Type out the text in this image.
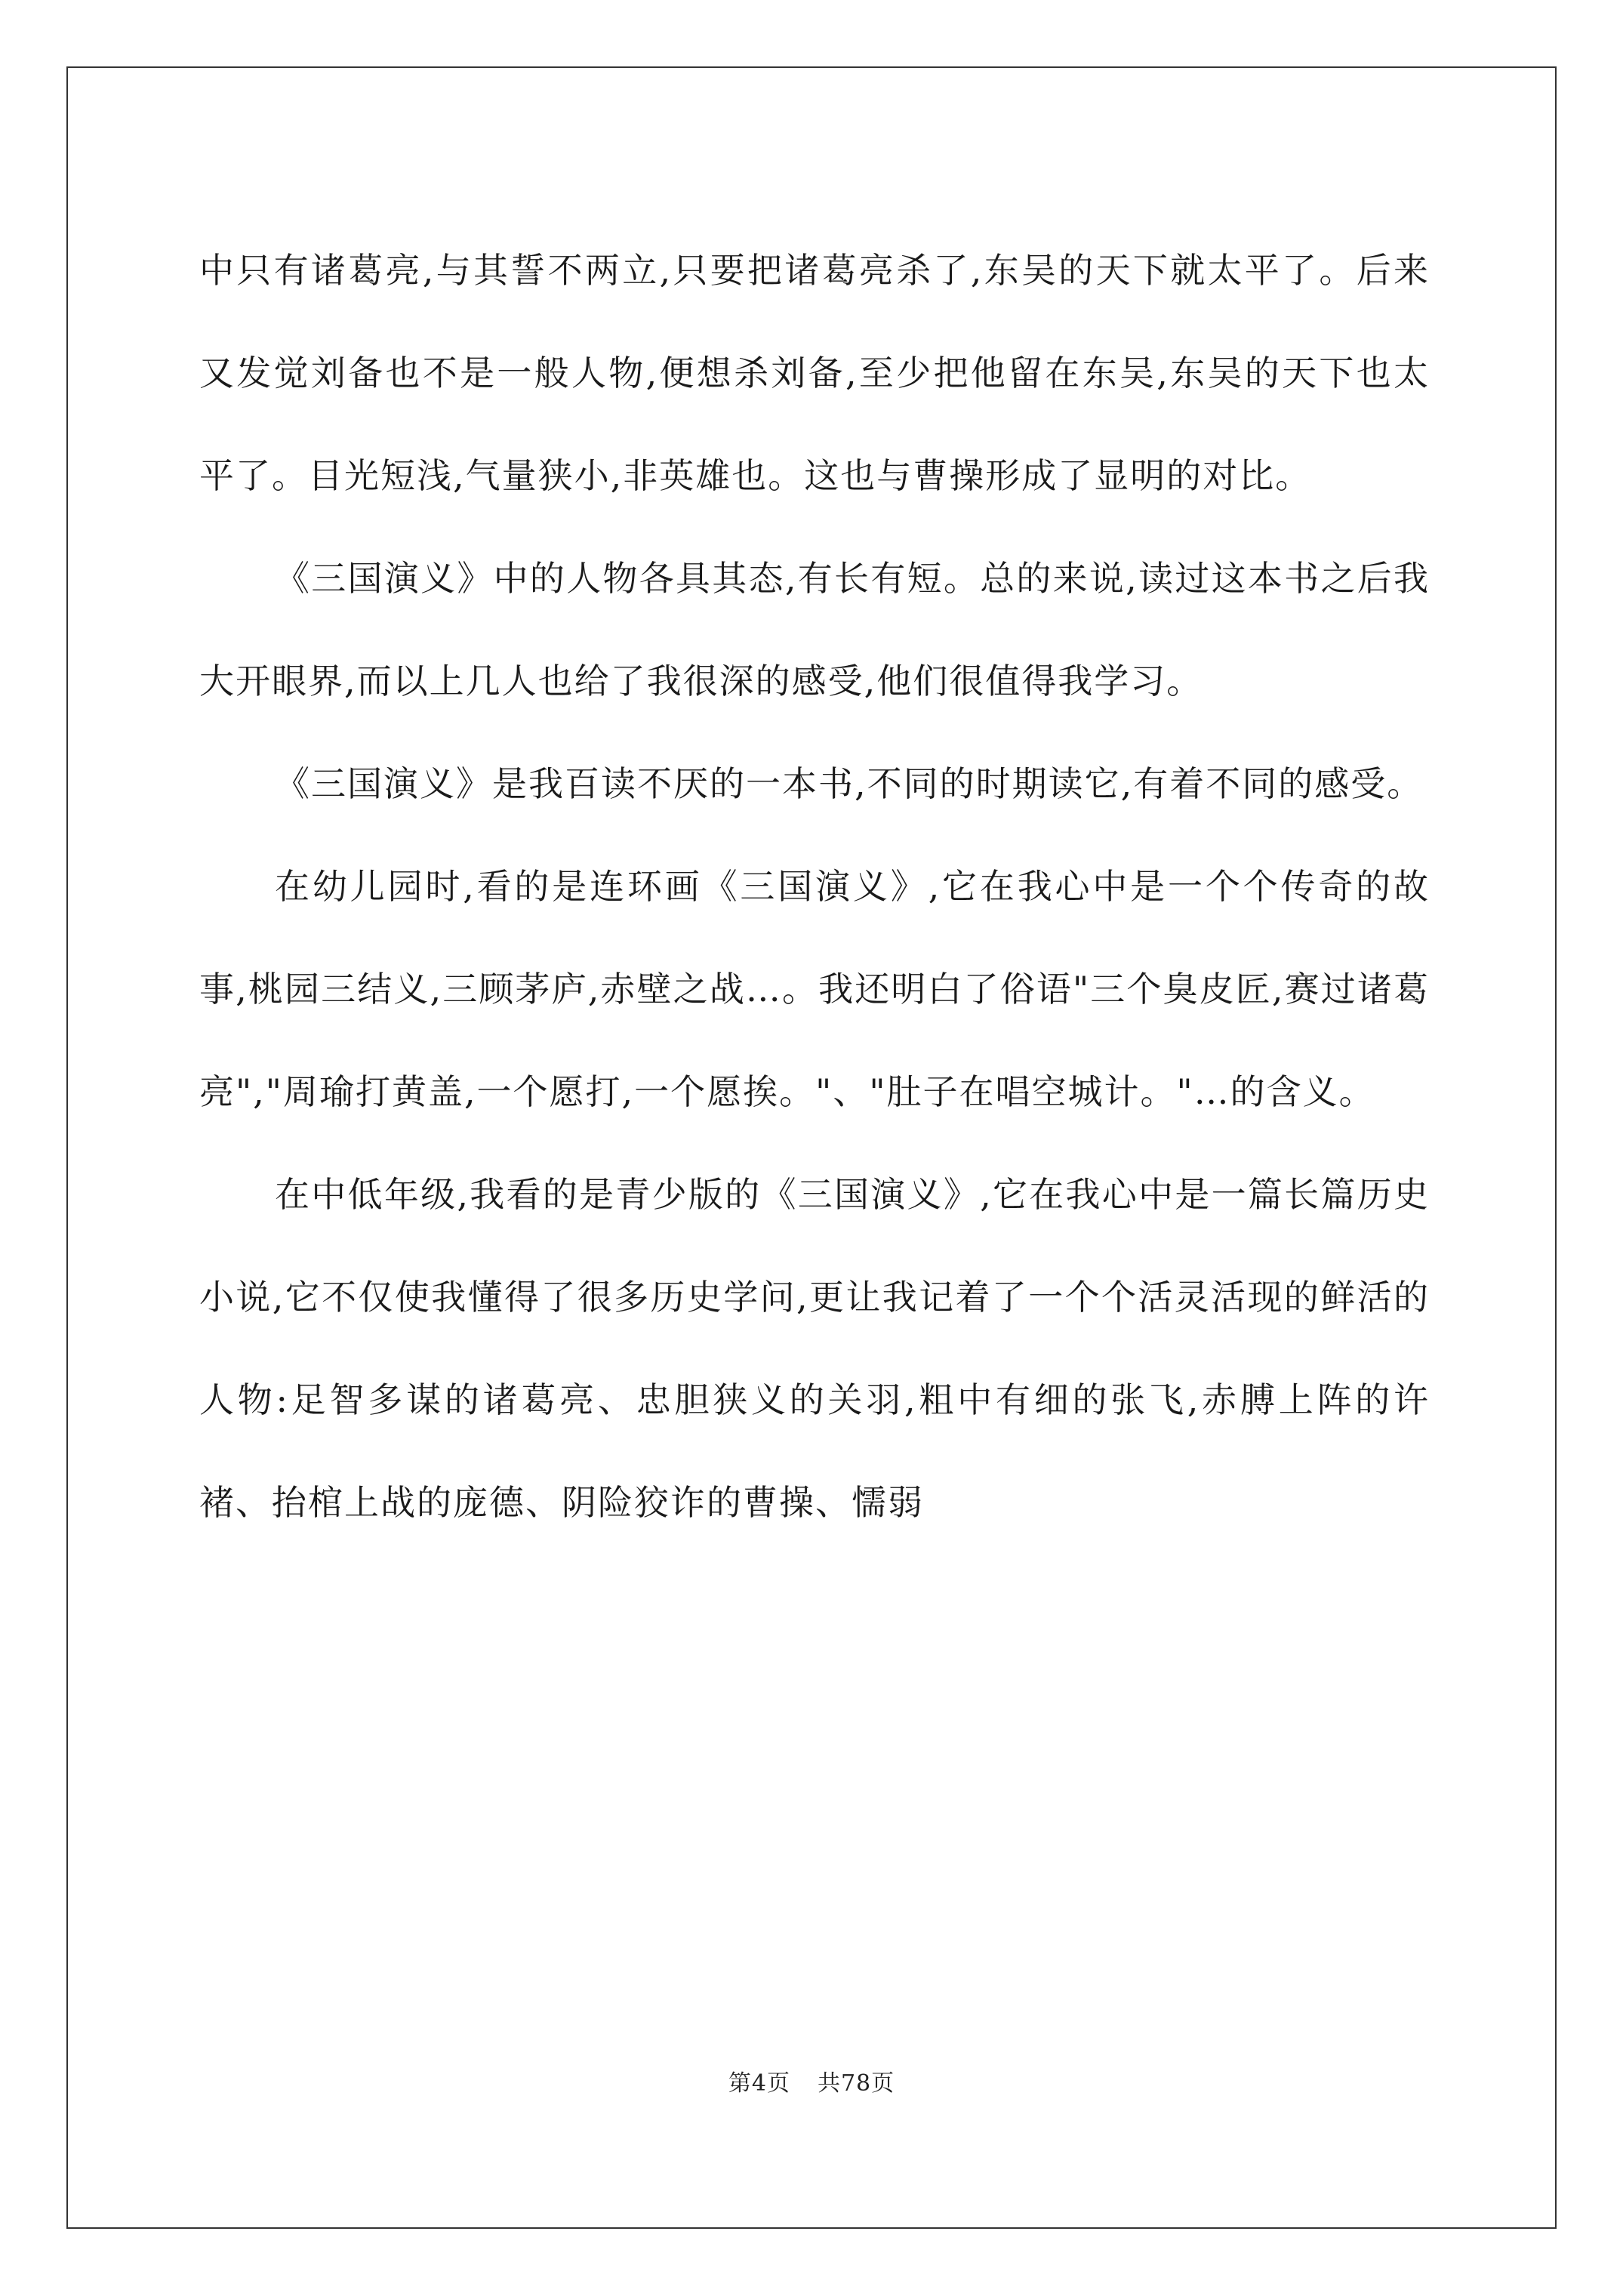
中只有诸葛亮,与其誓不两立,只要把诸葛亮杀了,东吴的天下就太平了。后来又发觉刘备也不是一般人物,便想杀刘备,至少把他留在东吴,东吴的天下也太平了。目光短浅,气量狭小,非英雄也。这也与曹操形成了显明的对比。

《三国演义》中的人物各具其态,有长有短。总的来说,读过这本书之后我大开眼界,而以上几人也给了我很深的感受,他们很值得我学习。

《三国演义》是我百读不厌的一本书,不同的时期读它,有着不同的感受。

在幼儿园时,看的是连环画《三国演义》,它在我心中是一个个传奇的故事,桃园三结义,三顾茅庐,赤壁之战…。我还明白了俗语"三个臭皮匠,赛过诸葛亮","周瑜打黄盖,一个愿打,一个愿挨。"、"肚子在唱空城计。"…的含义。

在中低年级,我看的是青少版的《三国演义》,它在我心中是一篇长篇历史小说,它不仅使我懂得了很多历史学问,更让我记着了一个个活灵活现的鲜活的人物:足智多谋的诸葛亮、忠胆狭义的关羽,粗中有细的张飞,赤膊上阵的许褚、抬棺上战的庞德、阴险狡诈的曹操、懦弱

第4页 共78页
